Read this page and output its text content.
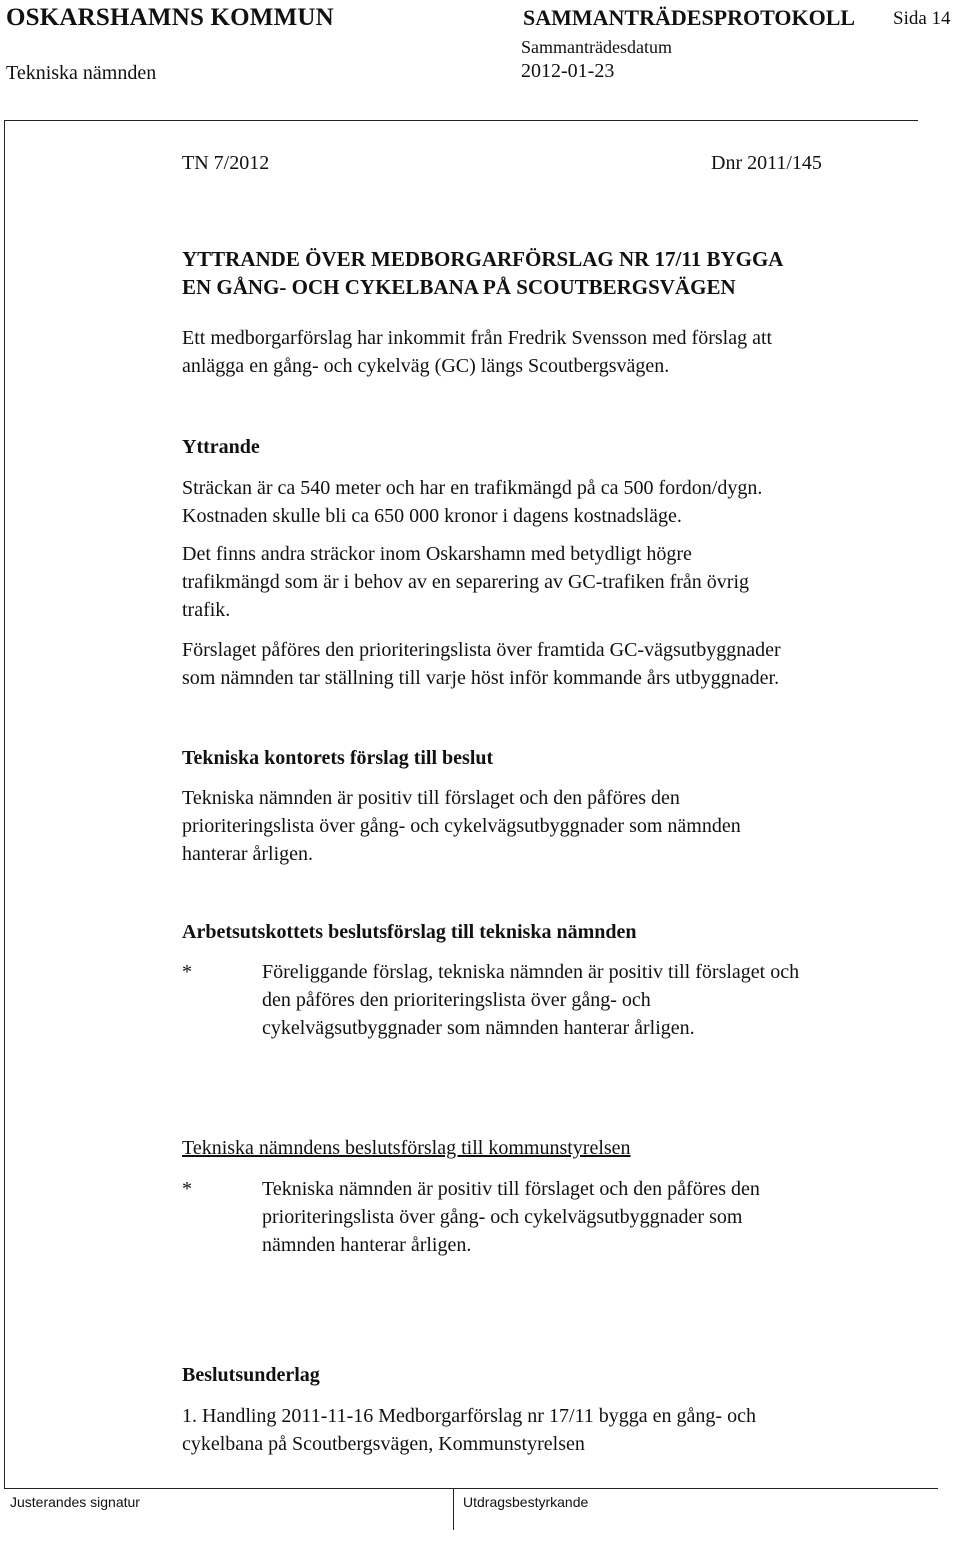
OSKARSHAMNS KOMMUN	SAMMANTRÄDESPROTOKOLL Sida 14
Tekniska nämnden
Sammanträdesdatum
2012-01-23
TN 7/2012	Dnr 2011/145
YTTRANDE ÖVER MEDBORGARFÖRSLAG NR 17/11 BYGGA
EN GÅNG- OCH CYKELBANA PÅ SCOUTBERGSVÄGEN
Ett medborgarförslag har inkommit från Fredrik Svensson med förslag att
anlägga en gång- och cykelväg (GC) längs Scoutbergsvägen.
Yttrande
Sträckan är ca 540 meter och har en trafikmängd på ca 500 fordon/dygn.
Kostnaden skulle bli ca 650 000 kronor i dagens kostnadsläge.
Det finns andra sträckor inom Oskarshamn med betydligt högre
trafikmängd som är i behov av en separering av GC-trafiken från övrig
trafik.
Förslaget påföres den prioriteringslista över framtida GC-vägsutbyggnader
som nämnden tar ställning till varje höst inför kommande års utbyggnader.
Tekniska kontorets förslag till beslut
Tekniska nämnden är positiv till förslaget och den påföres den
prioriteringslista över gång- och cykelvägsutbyggnader som nämnden
hanterar årligen.
Arbetsutskottets beslutsförslag till tekniska nämnden
*	Föreliggande förslag, tekniska nämnden är positiv till förslaget och
den påföres den prioriteringslista över gång- och
cykelvägsutbyggnader som nämnden hanterar årligen.
Tekniska nämndens beslutsförslag till kommunstyrelsen
*	Tekniska nämnden är positiv till förslaget och den påföres den
prioriteringslista över gång- och cykelvägsutbyggnader som
nämnden hanterar årligen.
Beslutsunderlag
1. Handling 2011-11-16 Medborgarförslag nr 17/11 bygga en gång- och
cykelbana på Scoutbergsvägen, Kommunstyrelsen
Justerandes signatur	Utdragsbestyrkande
